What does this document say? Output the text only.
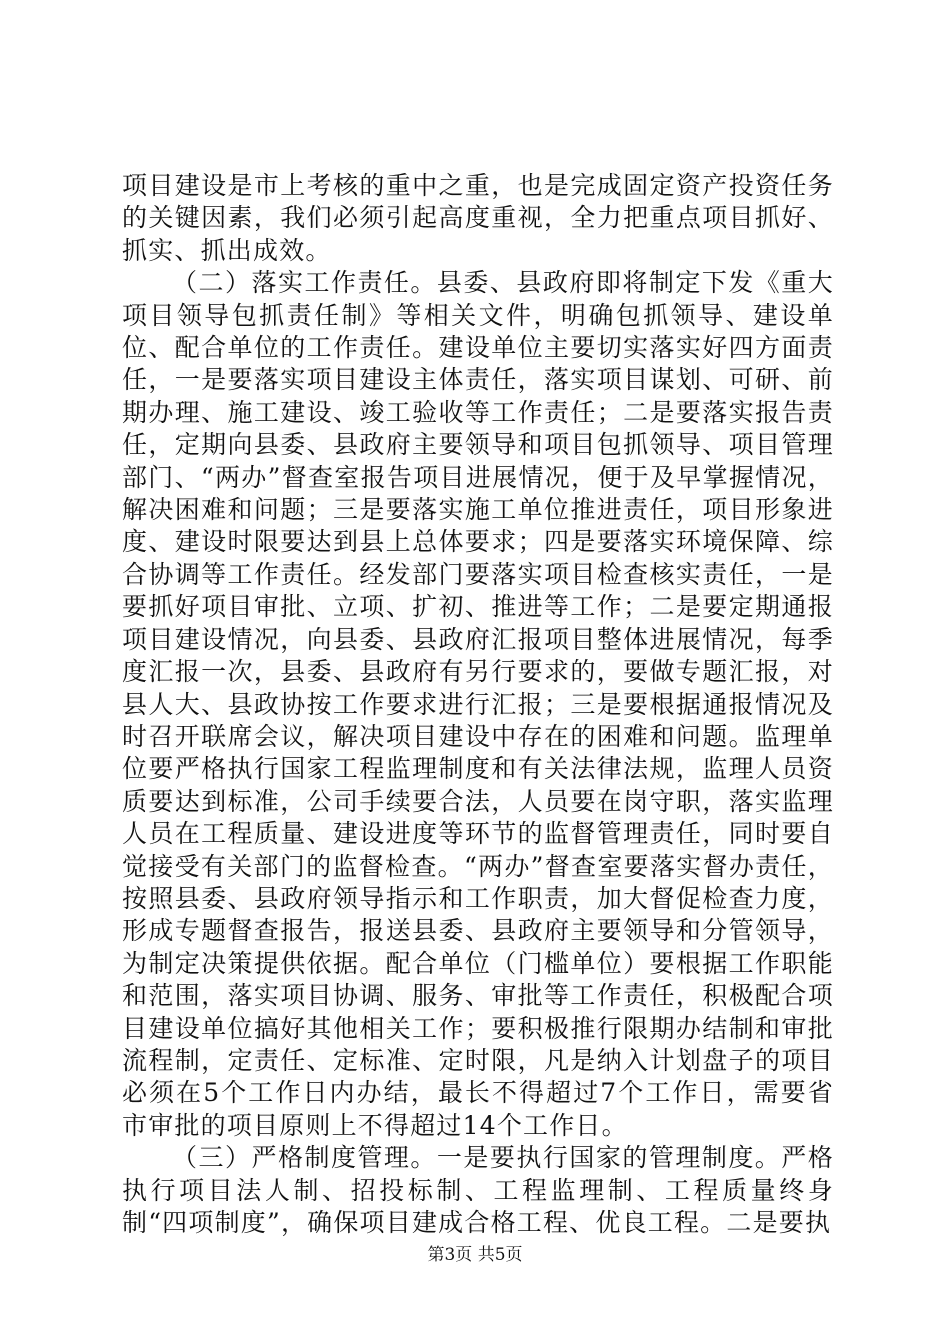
项目建设是市上考核的重中之重，也是完成固定资产投资任务的关键因素，我们必须引起高度重视，全力把重点项目抓好、抓实、抓出成效。

（二）落实工作责任。县委、县政府即将制定下发《重大项目领导包抓责任制》等相关文件，明确包抓领导、建设单位、配合单位的工作责任。建设单位主要切实落实好四方面责任，一是要落实项目建设主体责任，落实项目谋划、可研、前期办理、施工建设、竣工验收等工作责任；二是要落实报告责任，定期向县委、县政府主要领导和项目包抓领导、项目管理部门、“两办”督查室报告项目进展情况，便于及早掌握情况，解决困难和问题；三是要落实施工单位推进责任，项目形象进度、建设时限要达到县上总体要求；四是要落实环境保障、综合协调等工作责任。经发部门要落实项目检查核实责任，一是要抓好项目审批、立项、扩初、推进等工作；二是要定期通报项目建设情况，向县委、县政府汇报项目整体进展情况，每季度汇报一次，县委、县政府有另行要求的，要做专题汇报，对县人大、县政协按工作要求进行汇报；三是要根据通报情况及时召开联席会议，解决项目建设中存在的困难和问题。监理单位要严格执行国家工程监理制度和有关法律法规，监理人员资质要达到标准，公司手续要合法，人员要在岗守职，落实监理人员在工程质量、建设进度等环节的监督管理责任，同时要自觉接受有关部门的监督检查。“两办”督查室要落实督办责任，按照县委、县政府领导指示和工作职责，加大督促检查力度，形成专题督查报告，报送县委、县政府主要领导和分管领导，为制定决策提供依据。配合单位（门槛单位）要根据工作职能和范围，落实项目协调、服务、审批等工作责任，积极配合项目建设单位搞好其他相关工作；要积极推行限期办结制和审批流程制，定责任、定标准、定时限，凡是纳入计划盘子的项目必须在5个工作日内办结，最长不得超过7个工作日，需要省市审批的项目原则上不得超过14个工作日。

（三）严格制度管理。一是要执行国家的管理制度。严格执行项目法人制、招投标制、工程监理制、工程质量终身制“四项制度”，确保项目建成合格工程、优良工程。二是要执

第3页 共5页
